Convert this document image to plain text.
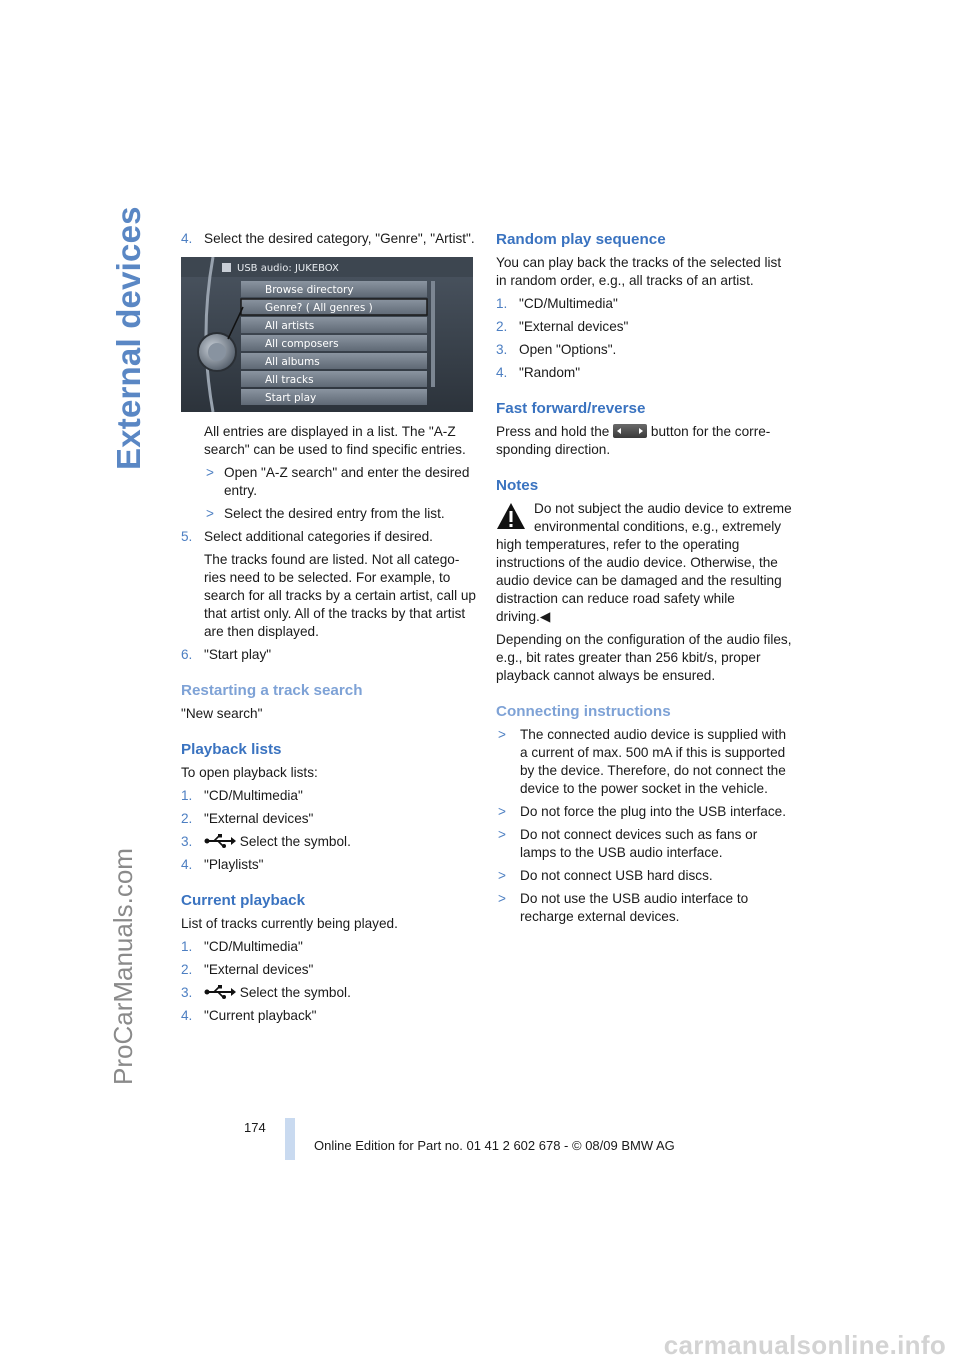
External devices
ProCarManuals.com
4. Select the desired category, "Genre", "Artist".
USB audio: JUKEBOX
Browse directory
Genre? ( All genres )
All artists
All composers
All albums
All tracks
Start play

All entries are displayed in a list. The "A-Z search" can be used to find specific entries.

> Open "A-Z search" and enter the desired entry.
> Select the desired entry from the list.
5. Select additional categories if desired.

The tracks found are listed. Not all categories need to be selected. For example, to search for all tracks by a certain artist, call up that artist only. All of the tracks by that artist are then displayed.

6. "Start play"
Restarting a track search

"New search"

Playback lists

To open playback lists:

1. "CD/Multimedia"
2. "External devices"
3.	Select the symbol.
4. "Playlists"
Current playback

List of tracks currently being played.

1. "CD/Multimedia"
2. "External devices"
3.	Select the symbol.
4. "Current playback"
Random play sequence

You can play back the tracks of the selected list in random order, e.g., all tracks of an artist.

1. "CD/Multimedia"
2. "External devices"
3. Open "Options".
4. "Random"
Fast forward/reverse

Press and hold the	button for the corresponding direction.

Notes

Do not subject the audio device to extreme environmental conditions, e.g., extremely high temperatures, refer to the operating instructions of the audio device. Otherwise, the audio device can be damaged and the resulting distraction can reduce road safety while driving.◀

Depending on the configuration of the audio files, e.g., bit rates greater than 256 kbit/s, proper playback cannot always be ensured.

Connecting instructions
> The connected audio device is supplied with a current of max. 500 mA if this is supported by the device. Therefore, do not connect the device to the power socket in the vehicle.
> Do not force the plug into the USB interface.
> Do not connect devices such as fans or lamps to the USB audio interface.
> Do not connect USB hard discs.
> Do not use the USB audio interface to recharge external devices.
174
Online Edition for Part no. 01 41 2 602 678 - © 08/09 BMW AG
carmanualsonline.info
